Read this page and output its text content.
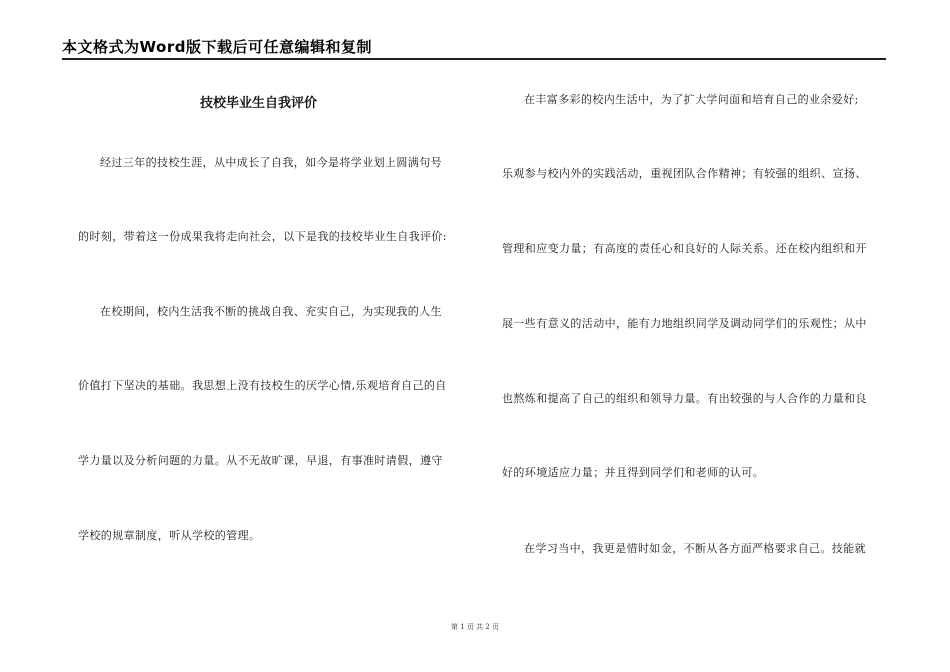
本文格式为Word版下载后可任意编辑和复制
技校毕业生自我评价
经过三年的技校生涯，从中成长了自我，如今是将学业划上圆满句号
的时刻，带着这一份成果我将走向社会，以下是我的技校毕业生自我评价:
在校期间，校内生活我不断的挑战自我、充实自己，为实现我的人生
价值打下坚决的基础。我思想上没有技校生的厌学心情,乐观培育自己的自
学力量以及分析问题的力量。从不无故旷课，早退，有事准时请假，遵守
学校的规章制度，听从学校的管理。
在丰富多彩的校内生活中，为了扩大学问面和培育自己的业余爱好;
乐观参与校内外的实践活动，重视团队合作精神；有较强的组织、宣扬、
管理和应变力量；有高度的责任心和良好的人际关系。还在校内组织和开
展一些有意义的活动中，能有力地组织同学及调动同学们的乐观性；从中
也熬炼和提高了自己的组织和领导力量。有出较强的与人合作的力量和良
好的环境适应力量；并且得到同学们和老师的认可。
在学习当中，我更是惜时如金，不断从各方面严格要求自己。技能就
第 1 页 共 2 页
